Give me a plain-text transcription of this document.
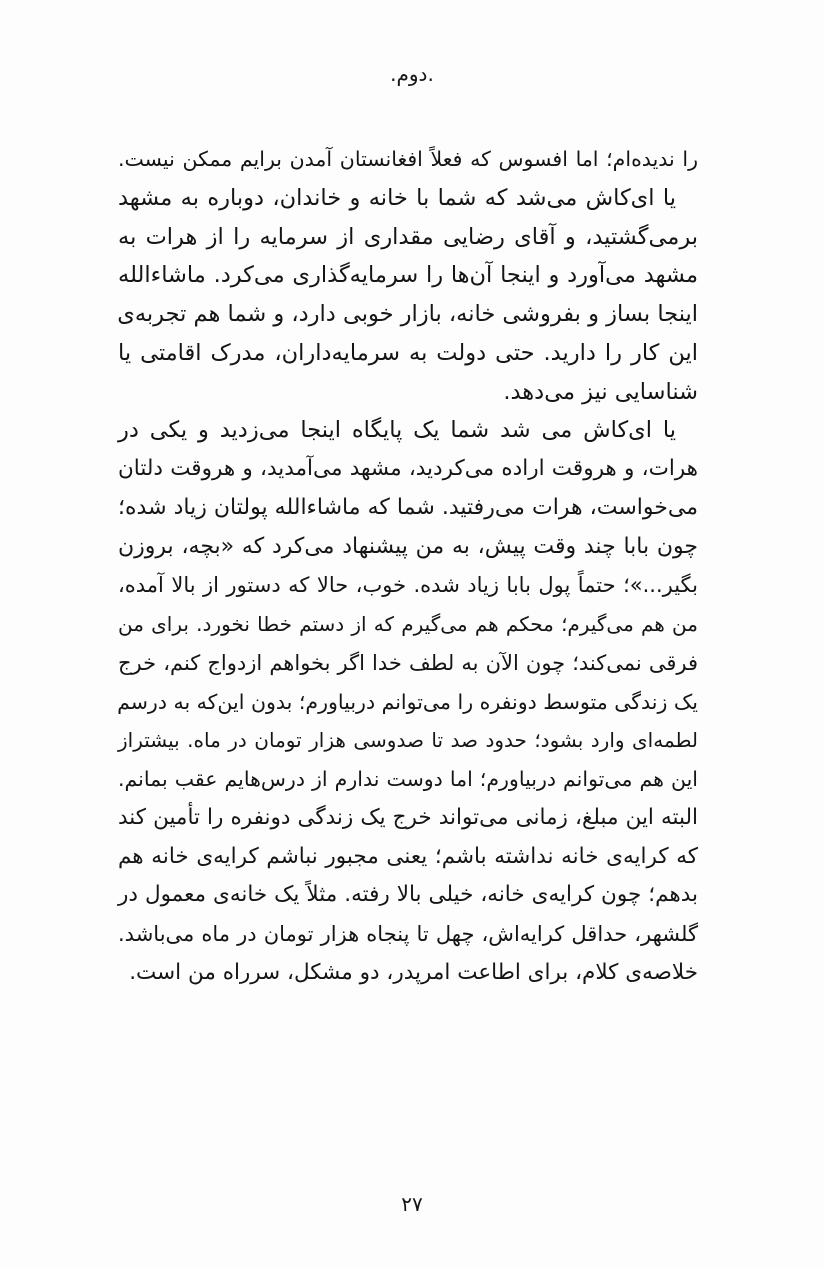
.دوم.
را ندیده‌ام؛ اما افسوس که فعلاً افغانستان آمدن برایم ممکن نیست.
یا ای‌کاش می‌شد که شما با خانه و خاندان، دوباره به مشهد
برمی‌گشتید، و آقای رضایی مقداری از سرمایه را از هرات به
مشهد می‌آورد و اینجا آن‌ها را سرمایه‌گذاری می‌کرد. ماشاءالله
اینجا بساز و بفروشی خانه، بازار خوبی دارد، و شما هم تجربه‌ی
این کار را دارید. حتی دولت به سرمایه‌داران، مدرک اقامتی یا
شناسایی نیز می‌دهد.
یا ای‌کاش می شد شما یک پایگاه اینجا می‌زدید و یکی در
هرات، و هروقت اراده می‌کردید، مشهد می‌آمدید، و هروقت دلتان
می‌خواست، هرات می‌رفتید. شما که ماشاءالله پولتان زیاد شده؛
چون بابا چند وقت پیش، به من پیشنهاد می‌کرد که «بچه، بروزن
بگیر...»؛ حتماً پول بابا زیاد شده. خوب، حالا که دستور از بالا آمده،
من هم می‌گیرم؛ محکم هم می‌گیرم که از دستم خطا نخورد. برای من
فرقی نمی‌کند؛ چون الآن به لطف خدا اگر بخواهم ازدواج کنم، خرج
یک زندگی متوسط دونفره را می‌توانم دربیاورم؛ بدون این‌که به درسم
لطمه‌ای وارد بشود؛ حدود صد تا صدوسی هزار تومان در ماه. بیشتراز
این هم می‌توانم دربیاورم؛ اما دوست ندارم از درس‌هایم عقب بمانم.
البته این مبلغ، زمانی می‌تواند خرج یک زندگی دونفره را تأمین کند
که کرایه‌ی خانه نداشته باشم؛ یعنی مجبور نباشم کرایه‌ی خانه هم
بدهم؛ چون کرایه‌ی خانه، خیلی بالا رفته. مثلاً یک خانه‌ی معمول در
گلشهر، حداقل کرایه‌اش، چهل تا پنجاه هزار تومان در ماه می‌باشد.
خلاصه‌ی کلام، برای اطاعت امرپدر، دو مشکل، سرراه من است.
۲۷
